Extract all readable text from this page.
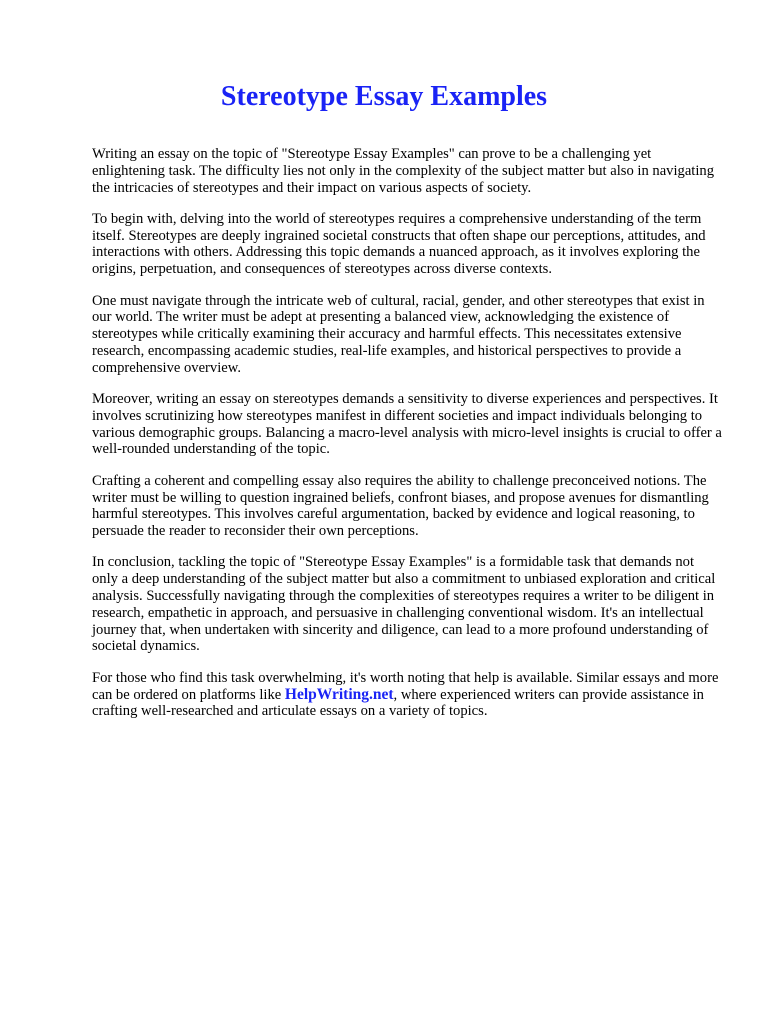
Stereotype Essay Examples

Writing an essay on the topic of "Stereotype Essay Examples" can prove to be a challenging yet enlightening task. The difficulty lies not only in the complexity of the subject matter but also in navigating the intricacies of stereotypes and their impact on various aspects of society.

To begin with, delving into the world of stereotypes requires a comprehensive understanding of the term itself. Stereotypes are deeply ingrained societal constructs that often shape our perceptions, attitudes, and interactions with others. Addressing this topic demands a nuanced approach, as it involves exploring the origins, perpetuation, and consequences of stereotypes across diverse contexts.

One must navigate through the intricate web of cultural, racial, gender, and other stereotypes that exist in our world. The writer must be adept at presenting a balanced view, acknowledging the existence of stereotypes while critically examining their accuracy and harmful effects. This necessitates extensive research, encompassing academic studies, real-life examples, and historical perspectives to provide a comprehensive overview.

Moreover, writing an essay on stereotypes demands a sensitivity to diverse experiences and perspectives. It involves scrutinizing how stereotypes manifest in different societies and impact individuals belonging to various demographic groups. Balancing a macro-level analysis with micro-level insights is crucial to offer a well-rounded understanding of the topic.

Crafting a coherent and compelling essay also requires the ability to challenge preconceived notions. The writer must be willing to question ingrained beliefs, confront biases, and propose avenues for dismantling harmful stereotypes. This involves careful argumentation, backed by evidence and logical reasoning, to persuade the reader to reconsider their own perceptions.

In conclusion, tackling the topic of "Stereotype Essay Examples" is a formidable task that demands not only a deep understanding of the subject matter but also a commitment to unbiased exploration and critical analysis. Successfully navigating through the complexities of stereotypes requires a writer to be diligent in research, empathetic in approach, and persuasive in challenging conventional wisdom. It's an intellectual journey that, when undertaken with sincerity and diligence, can lead to a more profound understanding of societal dynamics.

For those who find this task overwhelming, it's worth noting that help is available. Similar essays and more can be ordered on platforms like HelpWriting.net, where experienced writers can provide assistance in crafting well-researched and articulate essays on a variety of topics.
